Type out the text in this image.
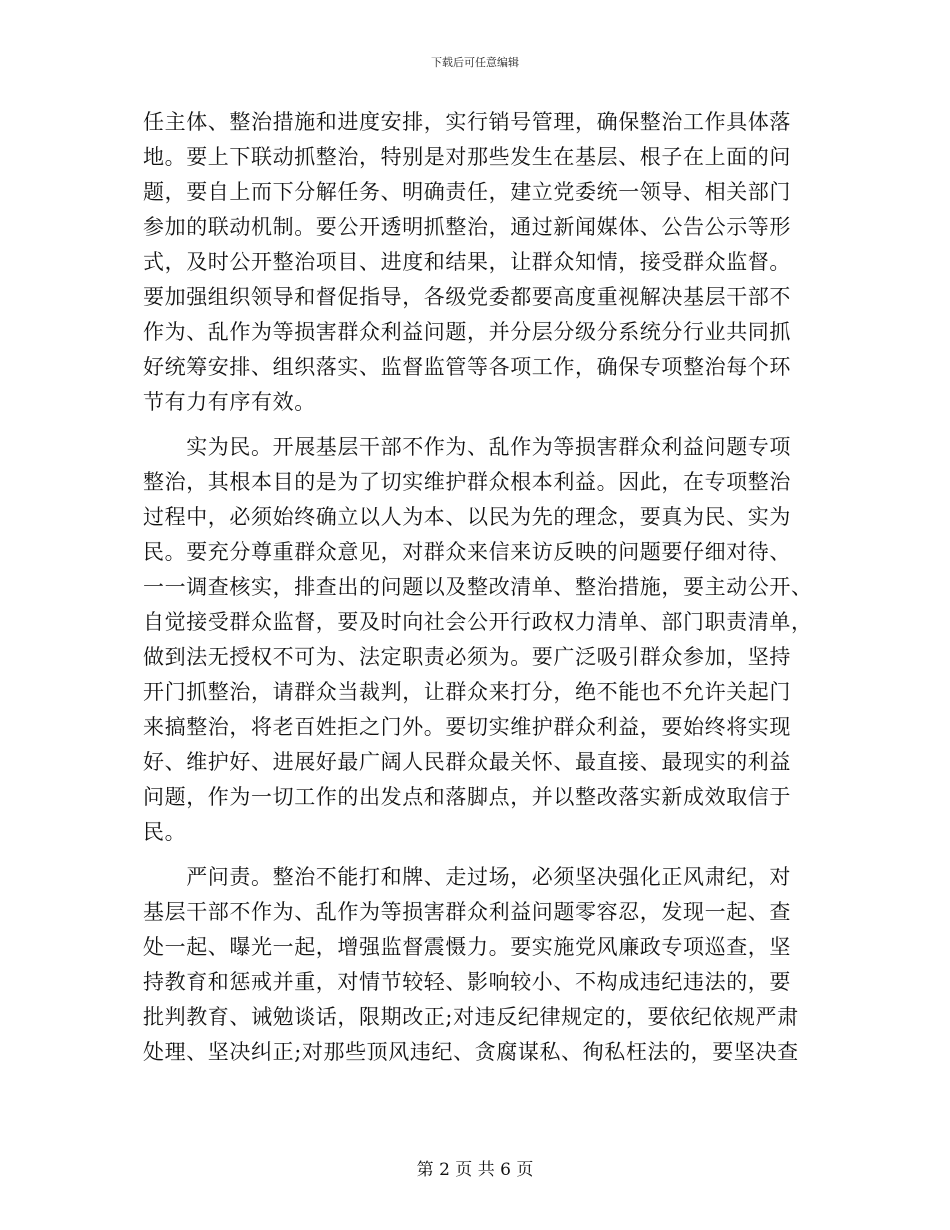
下载后可任意编辑
任主体、整治措施和进度安排，实行销号管理，确保整治工作具体落
地。要上下联动抓整治，特别是对那些发生在基层、根子在上面的问
题，要自上而下分解任务、明确责任，建立党委统一领导、相关部门
参加的联动机制。要公开透明抓整治，通过新闻媒体、公告公示等形
式，及时公开整治项目、进度和结果，让群众知情，接受群众监督。
要加强组织领导和督促指导，各级党委都要高度重视解决基层干部不
作为、乱作为等损害群众利益问题，并分层分级分系统分行业共同抓
好统筹安排、组织落实、监督监管等各项工作，确保专项整治每个环
节有力有序有效。
　　实为民。开展基层干部不作为、乱作为等损害群众利益问题专项
整治，其根本目的是为了切实维护群众根本利益。因此，在专项整治
过程中，必须始终确立以人为本、以民为先的理念，要真为民、实为
民。要充分尊重群众意见，对群众来信来访反映的问题要仔细对待、
一一调查核实，排查出的问题以及整改清单、整治措施，要主动公开、
自觉接受群众监督，要及时向社会公开行政权力清单、部门职责清单，
做到法无授权不可为、法定职责必须为。要广泛吸引群众参加，坚持
开门抓整治，请群众当裁判，让群众来打分，绝不能也不允许关起门
来搞整治，将老百姓拒之门外。要切实维护群众利益，要始终将实现
好、维护好、进展好最广阔人民群众最关怀、最直接、最现实的利益
问题，作为一切工作的出发点和落脚点，并以整改落实新成效取信于
民。
　　严问责。整治不能打和牌、走过场，必须坚决强化正风肃纪，对
基层干部不作为、乱作为等损害群众利益问题零容忍，发现一起、查
处一起、曝光一起，增强监督震慑力。要实施党风廉政专项巡查，坚
持教育和惩戒并重，对情节较轻、影响较小、不构成违纪违法的，要
批判教育、诫勉谈话，限期改正;对违反纪律规定的，要依纪依规严肃
处理、坚决纠正;对那些顶风违纪、贪腐谋私、徇私枉法的，要坚决查
第 2 页 共 6 页
